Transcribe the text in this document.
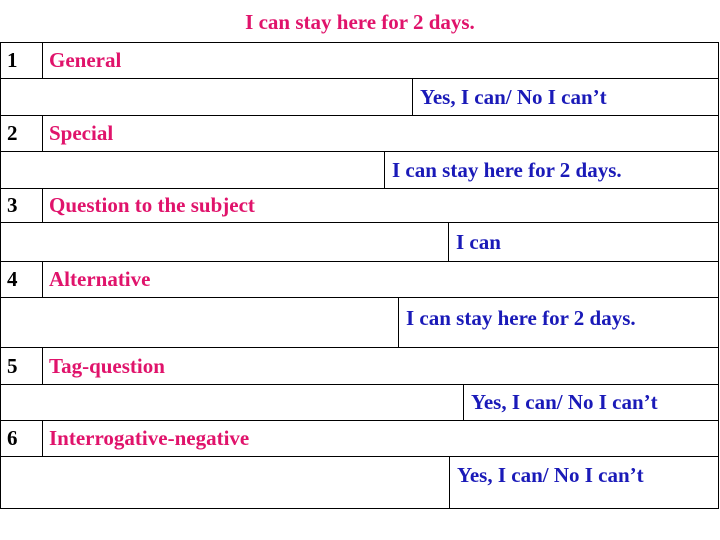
I can stay here for 2 days.
1	General
Yes, I can/ No I can’t
2	Special
I can stay here for 2 days.
3	Question to the subject
I can
4	Alternative
I can stay here for 2 days.
5	Tag-question
Yes, I can/ No I can’t
6	Interrogative-negative
Yes, I can/ No I can’t
